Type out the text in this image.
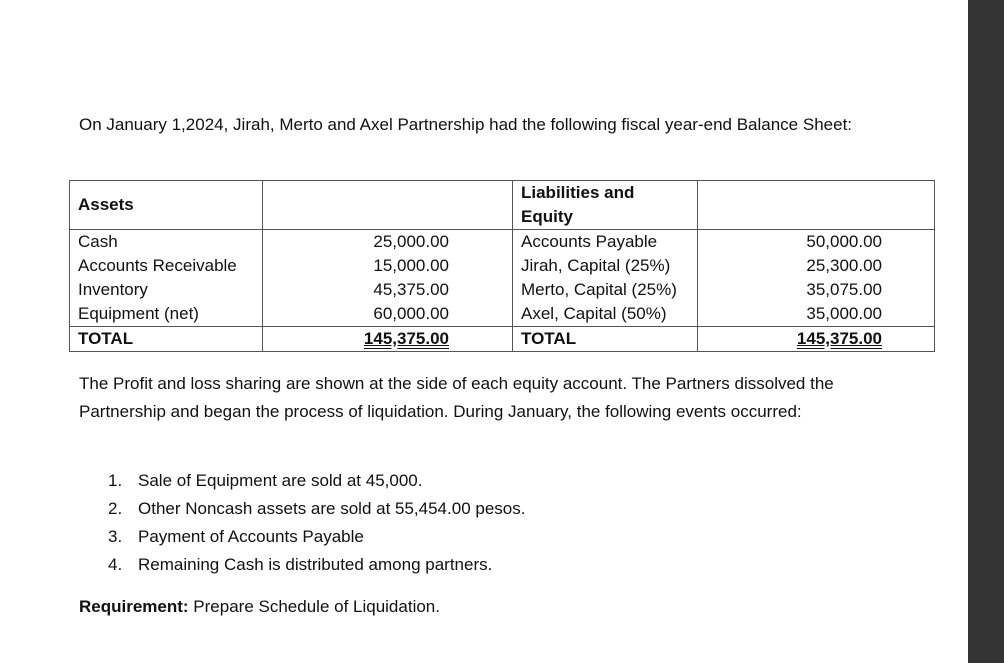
On January 1,2024, Jirah, Merto and Axel Partnership had the following fiscal year-end Balance Sheet:
Assets		Liabilities and Equity	
Cash	25,000.00	Accounts Payable	50,000.00
Accounts Receivable	15,000.00	Jirah, Capital (25%)	25,300.00
Inventory	45,375.00	Merto, Capital (25%)	35,075.00
Equipment (net)	60,000.00	Axel, Capital (50%)	35,000.00
TOTAL	145,375.00	TOTAL	145,375.00
The Profit and loss sharing are shown at the side of each equity account. The Partners dissolved the Partnership and began the process of liquidation. During January, the following events occurred:
1. Sale of Equipment are sold at 45,000.
2. Other Noncash assets are sold at 55,454.00 pesos.
3. Payment of Accounts Payable
4. Remaining Cash is distributed among partners.
Requirement: Prepare Schedule of Liquidation.
